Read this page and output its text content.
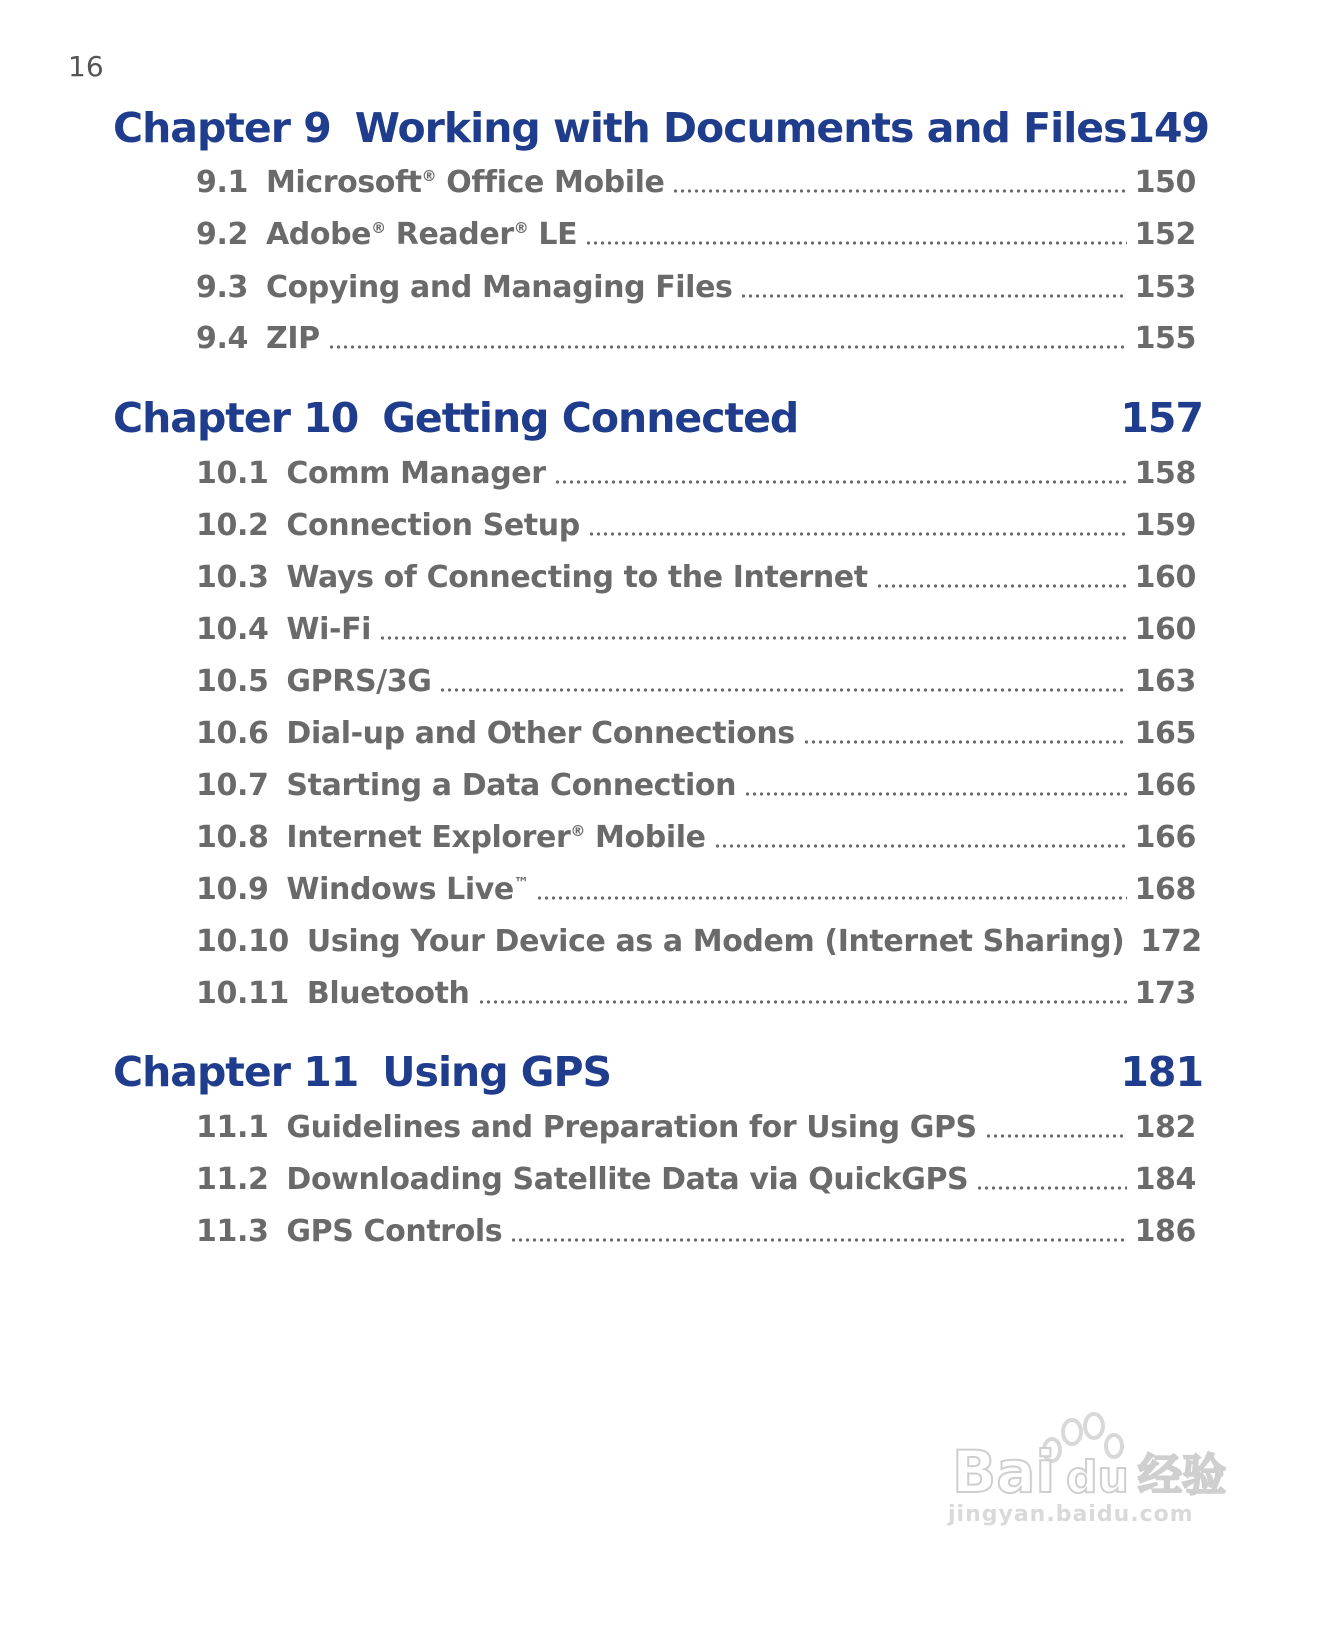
16
Chapter 9 Working with Documents and Files 149
9.1 Microsoft® Office Mobile	150
9.2 Adobe® Reader® LE	152
9.3 Copying and Managing Files	153
9.4 ZIP	155
Chapter 10 Getting Connected	157
10.1 Comm Manager	158
10.2 Connection Setup	159
10.3 Ways of Connecting to the Internet	160
10.4 Wi-Fi	160
10.5 GPRS/3G	163
10.6 Dial-up and Other Connections	165
10.7 Starting a Data Connection	166
10.8 Internet Explorer® Mobile	166
10.9 Windows Live™	168
10.10 Using Your Device as a Modem (Internet Sharing) 172
10.11 Bluetooth	173
Chapter 11 Using GPS	181
11.1 Guidelines and Preparation for Using GPS	182
11.2 Downloading Satellite Data via QuickGPS	184
11.3 GPS Controls	186
Bai du 经验
jingyan.baidu.com
